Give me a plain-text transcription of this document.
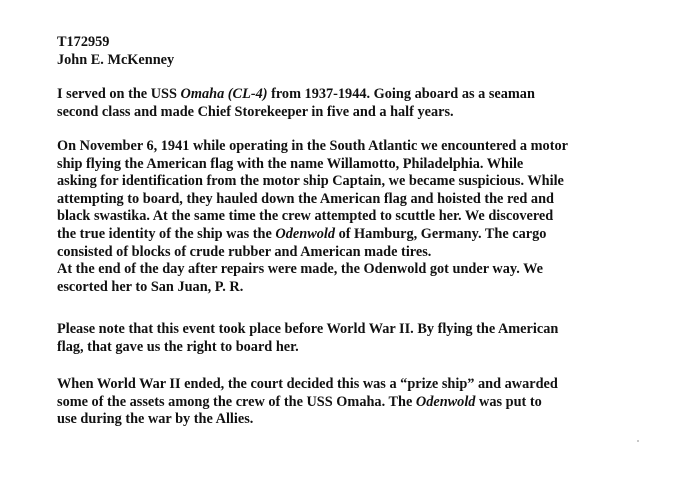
T172959
John E. McKenney
I served on the USS Omaha (CL-4) from 1937-1944. Going aboard as a seaman
second class and made Chief Storekeeper in five and a half years.
On November 6, 1941 while operating in the South Atlantic we encountered a motor
ship flying the American flag with the name Willamotto, Philadelphia. While
asking for identification from the motor ship Captain, we became suspicious. While
attempting to board, they hauled down the American flag and hoisted the red and
black swastika. At the same time the crew attempted to scuttle her. We discovered
the true identity of the ship was the Odenwold of Hamburg, Germany. The cargo
consisted of blocks of crude rubber and American made tires.
At the end of the day after repairs were made, the Odenwold got under way. We
escorted her to San Juan, P. R.
Please note that this event took place before World War II. By flying the American
flag, that gave us the right to board her.
When World War II ended, the court decided this was a “prize ship” and awarded
some of the assets among the crew of the USS Omaha. The Odenwold was put to
use during the war by the Allies.
